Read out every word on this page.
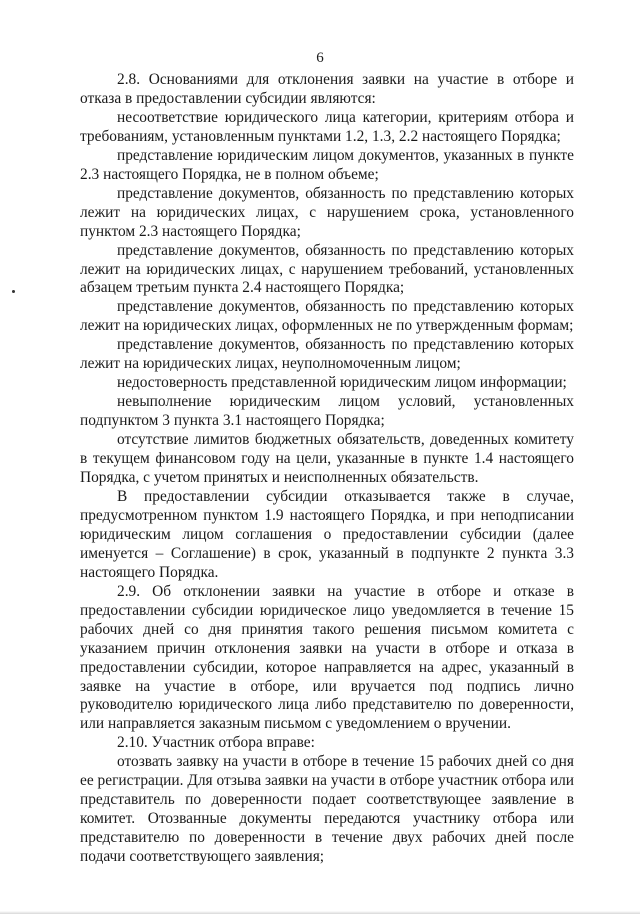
6

2.8. Основаниями для отклонения заявки на участие в отборе и отказа в предоставлении субсидии являются:

несоответствие юридического лица категории, критериям отбора и требованиям, установленным пунктами 1.2, 1.3, 2.2 настоящего Порядка;

представление юридическим лицом документов, указанных в пункте 2.3 настоящего Порядка, не в полном объеме;

представление документов, обязанность по представлению которых лежит на юридических лицах, с нарушением срока, установленного пунктом 2.3 настоящего Порядка;

представление документов, обязанность по представлению которых лежит на юридических лицах, с нарушением требований, установленных абзацем третьим пункта 2.4 настоящего Порядка;

представление документов, обязанность по представлению которых лежит на юридических лицах, оформленных не по утвержденным формам;

представление документов, обязанность по представлению которых лежит на юридических лицах, неуполномоченным лицом;

недостоверность представленной юридическим лицом информации;

невыполнение юридическим лицом условий, установленных подпунктом 3 пункта 3.1 настоящего Порядка;

отсутствие лимитов бюджетных обязательств, доведенных комитету в текущем финансовом году на цели, указанные в пункте 1.4 настоящего Порядка, с учетом принятых и неисполненных обязательств.

В предоставлении субсидии отказывается также в случае, предусмотренном пунктом 1.9 настоящего Порядка, и при неподписании юридическим лицом соглашения о предоставлении субсидии (далее именуется – Соглашение) в срок, указанный в подпункте 2 пункта 3.3 настоящего Порядка.

2.9. Об отклонении заявки на участие в отборе и отказе в предоставлении субсидии юридическое лицо уведомляется в течение 15 рабочих дней со дня принятия такого решения письмом комитета с указанием причин отклонения заявки на участи в отборе и отказа в предоставлении субсидии, которое направляется на адрес, указанный в заявке на участие в отборе, или вручается под подпись лично руководителю юридического лица либо представителю по доверенности, или направляется заказным письмом с уведомлением о вручении.

2.10. Участник отбора вправе:

отозвать заявку на участи в отборе в течение 15 рабочих дней со дня ее регистрации. Для отзыва заявки на участи в отборе участник отбора или представитель по доверенности подает соответствующее заявление в комитет. Отозванные документы передаются участнику отбора или представителю по доверенности в течение двух рабочих дней после подачи соответствующего заявления;
